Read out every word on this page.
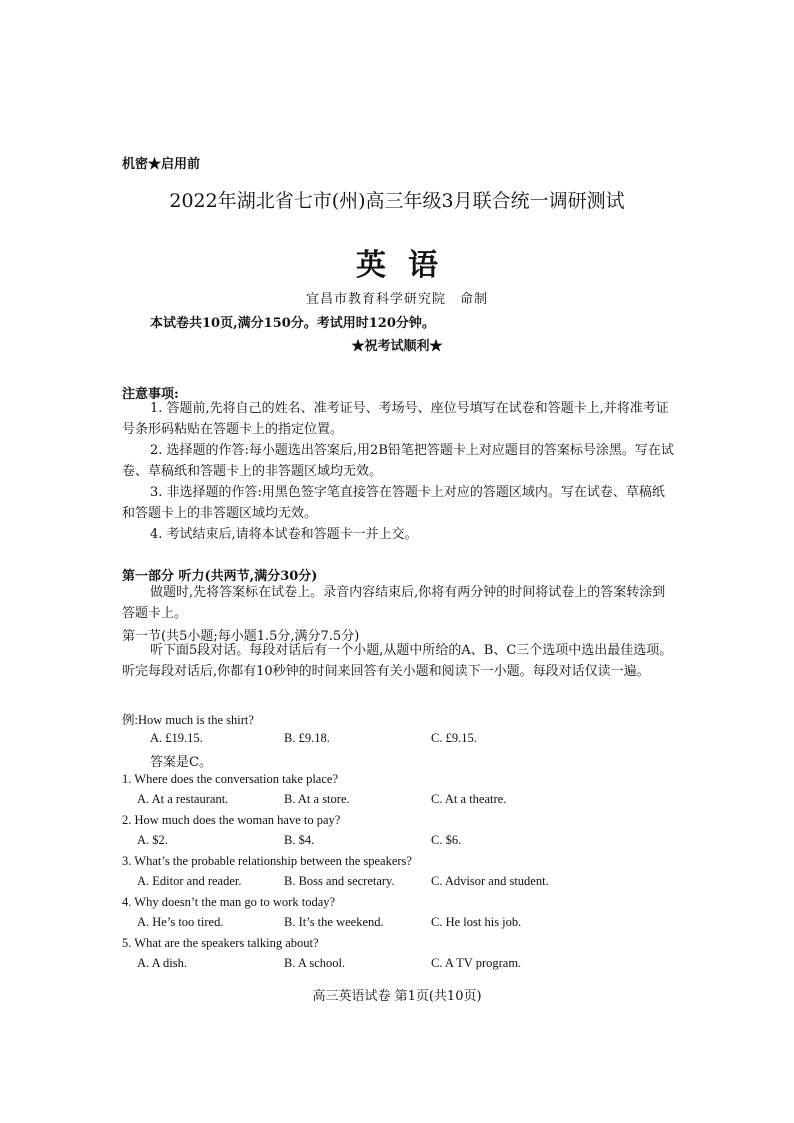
机密★启用前
2022年湖北省七市(州)高三年级3月联合统一调研测试
英语
宜昌市教育科学研究院 命制
本试卷共10页,满分150分。考试用时120分钟。
★祝考试顺利★
注意事项:
1. 答题前,先将自己的姓名、准考证号、考场号、座位号填写在试卷和答题卡上,并将准考证号条形码粘贴在答题卡上的指定位置。
2. 选择题的作答:每小题选出答案后,用2B铅笔把答题卡上对应题目的答案标号涂黑。写在试卷、草稿纸和答题卡上的非答题区域均无效。
3. 非选择题的作答:用黑色签字笔直接答在答题卡上对应的答题区域内。写在试卷、草稿纸和答题卡上的非答题区域均无效。
4. 考试结束后,请将本试卷和答题卡一并上交。
第一部分 听力(共两节,满分30分)
做题时,先将答案标在试卷上。录音内容结束后,你将有两分钟的时间将试卷上的答案转涂到答题卡上。
第一节(共5小题;每小题1.5分,满分7.5分)
听下面5段对话。每段对话后有一个小题,从题中所给的A、B、C三个选项中选出最佳选项。听完每段对话后,你都有10秒钟的时间来回答有关小题和阅读下一小题。每段对话仅读一遍。
例:How much is the shirt?
A. £19.15.	B. £9.18.	C. £9.15.
答案是C。
1. Where does the conversation take place?
A. At a restaurant.	B. At a store.	C. At a theatre.
2. How much does the woman have to pay?
A. $2.	B. $4.	C. $6.
3. What’s the probable relationship between the speakers?
A. Editor and reader.	B. Boss and secretary.	C. Advisor and student.
4. Why doesn’t the man go to work today?
A. He’s too tired.	B. It’s the weekend.	C. He lost his job.
5. What are the speakers talking about?
A. A dish.	B. A school.	C. A TV program.
高三英语试卷 第1页(共10页)
